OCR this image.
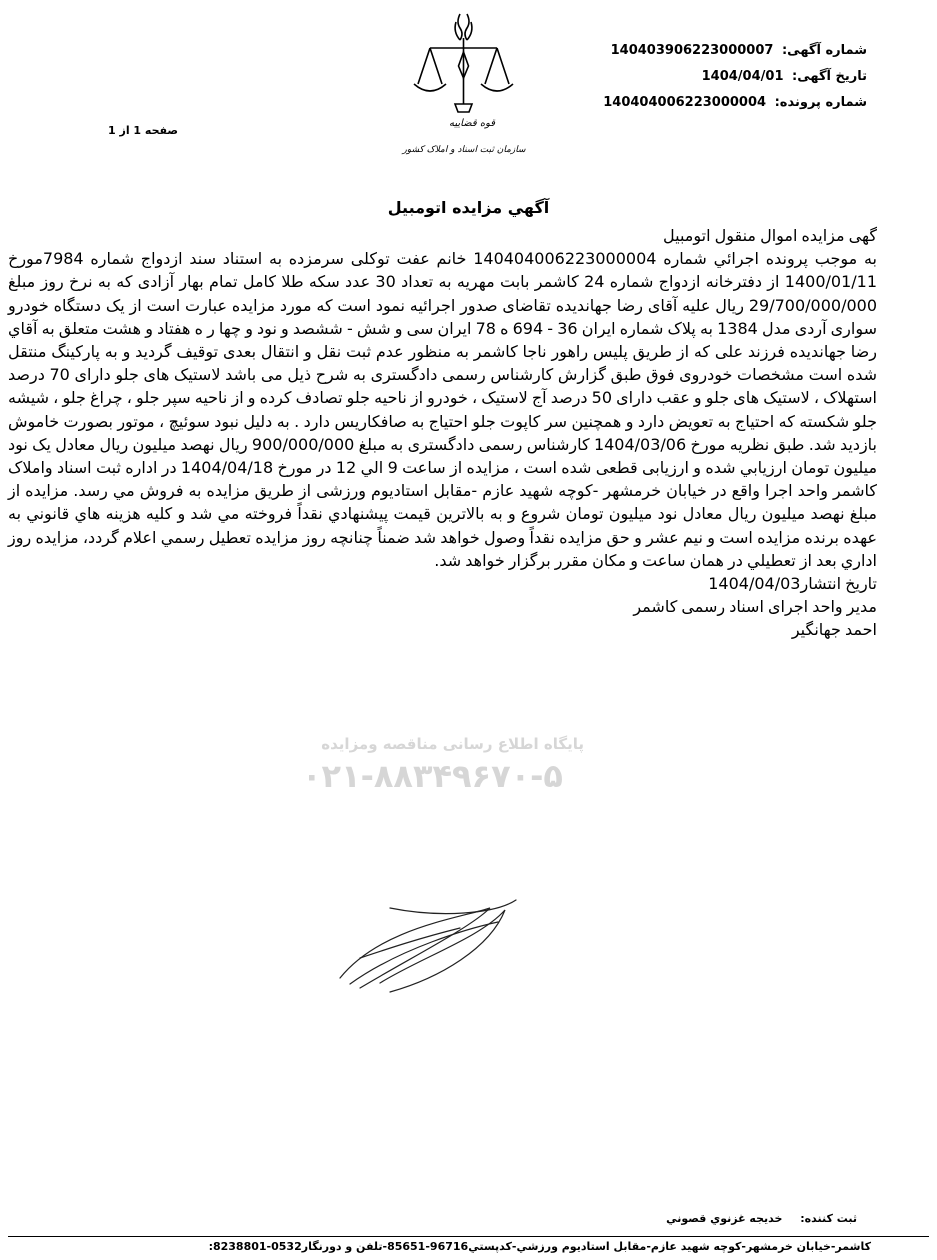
شماره آگهی: 140403906223000007
تاریخ آگهی: 1404/04/01
شماره پرونده: 140404006223000004
قوه قضاییه
سازمان ثبت اسناد و املاک کشور
صفحه 1 از 1
آگهي مزايده اتومبيل

گهی مزایده اموال منقول اتومبیل

به موجب پرونده اجرائي شماره 140404006223000004 خانم عفت توکلی سرمزده به استناد سند ازدواج شماره 7984مورخ 1400/01/11 از دفترخانه ازدواج شماره 24 کاشمر بابت مهریه به تعداد 30 عدد سکه طلا کامل تمام بهار آزادی که به نرخ روز مبلغ 29/700/000/000 ریال علیه آقای رضا جهاندیده تقاضای صدور اجرائیه نمود است که مورد مزایده عبارت است از یک دستگاه خودرو سواری آردی مدل 1384 به پلاک شماره ایران 36 - 694 ه 78 ایران سی و شش - ششصد و نود و چها ر ه هفتاد و هشت متعلق به آقاي رضا جهاندیده فرزند علی که از طریق پلیس راهور ناجا کاشمر به منظور عدم ثبت نقل و انتقال بعدی توقیف گردید و به پارکینگ منتقل شده است مشخصات خودروی فوق طبق گزارش کارشناس رسمی دادگستری به شرح ذیل می باشد لاستیک های جلو دارای 70 درصد استهلاک ، لاستیک های جلو و عقب دارای 50 درصد آج لاستیک ، خودرو از ناحیه جلو تصادف کرده و از ناحیه سپر جلو ، چراغ جلو ، شیشه جلو شکسته که احتیاج به تعویض دارد و همچنین سر کاپوت جلو احتیاج به صافکاریس دارد . به دلیل نبود سوئیچ ، موتور بصورت خاموش بازدید شد. طبق نظریه مورخ 1404/03/06 کارشناس رسمی دادگستری به مبلغ 900/000/000 ریال نهصد میلیون ریال معادل یک نود میلیون تومان ارزيابي شده و ارزیابی قطعی شده است ، مزایده از ساعت 9 الي 12 در مورخ 1404/04/18 در اداره ثبت اسناد واملاک کاشمر واحد اجرا واقع در خیابان خرمشهر -کوچه شهید عازم -مقابل استادیوم ورزشی از طریق مزايده به فروش مي رسد. مزایده از مبلغ نهصد میلیون ریال معادل نود میلیون تومان شروع و به بالاترین قيمت پيشنهادي نقداً فروخته مي شد و کلیه هزينه هاي قانوني به عهده برنده مزايده است و نیم عشر و حق مزايده نقداً وصول خواهد شد ضمناً چنانچه روز مزايده تعطيل رسمي اعلام گردد، مزايده روز اداري بعد از تعطيلي در همان ساعت و مکان مقرر برگزار خواهد شد.

تاریخ انتشار1404/04/03

مدیر واحد اجرای اسناد رسمی کاشمر

احمد جهانگیر

پایگاه اطلاع رسانی مناقصه ومزایده
۰۲۱-۸۸۳۴۹۶۷۰-۵
ثبت کننده: خديجه غزنوي قصوني
کاشمر-خیابان خرمشهر-کوچه شهید عازم-مقابل استادیوم ورزشي-کدپستي96716-85651-تلفن و دورنگار0532-8238801:
